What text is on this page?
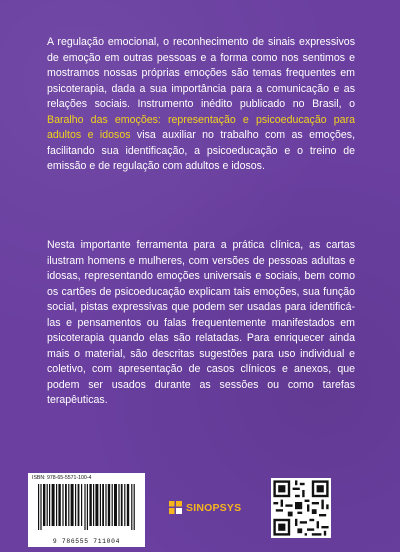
A regulação emocional, o reconhecimento de sinais expressivos de emoção em outras pessoas e a forma como nos sentimos e mostramos nossas próprias emoções são temas frequentes em psicoterapia, dada a sua importância para a comunicação e as relações sociais. Instrumento inédito publicado no Brasil, o Baralho das emoções: representação e psicoeducação para adultos e idosos visa auxiliar no trabalho com as emoções, facilitando sua identificação, a psicoeducação e o treino de emissão e de regulação com adultos e idosos.

Nesta importante ferramenta para a prática clínica, as cartas ilustram homens e mulheres, com versões de pessoas adultas e idosas, representando emoções universais e sociais, bem como os cartões de psicoeducação explicam tais emoções, sua função social, pistas expressivas que podem ser usadas para identificá-las e pensamentos ou falas frequentemente manifestados em psicoterapia quando elas são relatadas. Para enriquecer ainda mais o material, são descritas sugestões para uso individual e coletivo, com apresentação de casos clínicos e anexos, que podem ser usados durante as sessões ou como tarefas terapêuticas.

ISBN: 978-65-5571-100-4
9 786555 711004
SINOPSYS
